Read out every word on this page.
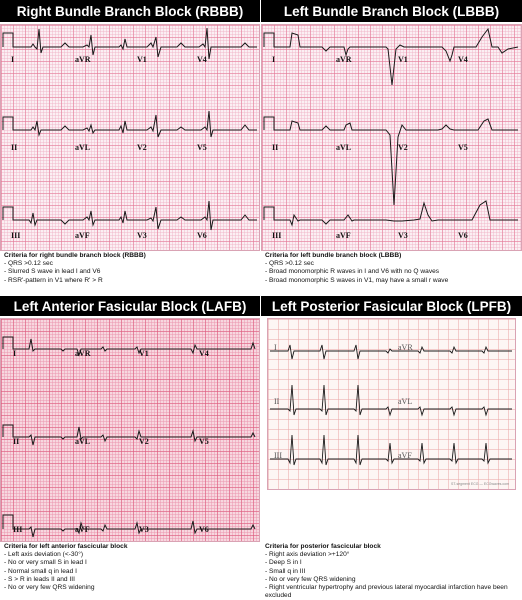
Right Bundle Branch Block (RBBB)
I	aVR	V1	V4
II	aVL	V2	V5
III	aVF	V3	V6
Criteria for right bundle branch block (RBBB)
- QRS >0.12 sec
- Slurred S wave in lead I and V6
- RSR'-pattern in V1 where R' > R
Left Bundle Branch Block (LBBB)
I	aVR	V1	V4
II	aVL	V2	V5
III	aVF	V3	V6
Criteria for left bundle branch block (LBBB)
- QRS >0.12 sec
- Broad monomorphic R waves in I and V6 with no Q waves
- Broad monomorphic S waves in V1, may have a small r wave
Left Anterior Fasicular Block (LAFB)
I	aVR	V1	V4
II	aVL	V2	V5
III	aVF	V3	V6
Criteria for left anterior fascicular block
- Left axis deviation (<-30°)
- No or very small S in lead I
- Normal small q in lead I
- S > R in leads II and III
- No or very few QRS widening
Left Posterior Fasicular Block (LPFB)
I	aVR
II	aVL
III	aVF
ST-segment ECG — ECGwaves.com
Criteria for posterior fascicular block
- Right axis deviation >+120°
- Deep S in I
- Small q in III
- No or very few QRS widening
- Right ventricular hypertrophy and previous lateral myocardial infarction have been excluded
